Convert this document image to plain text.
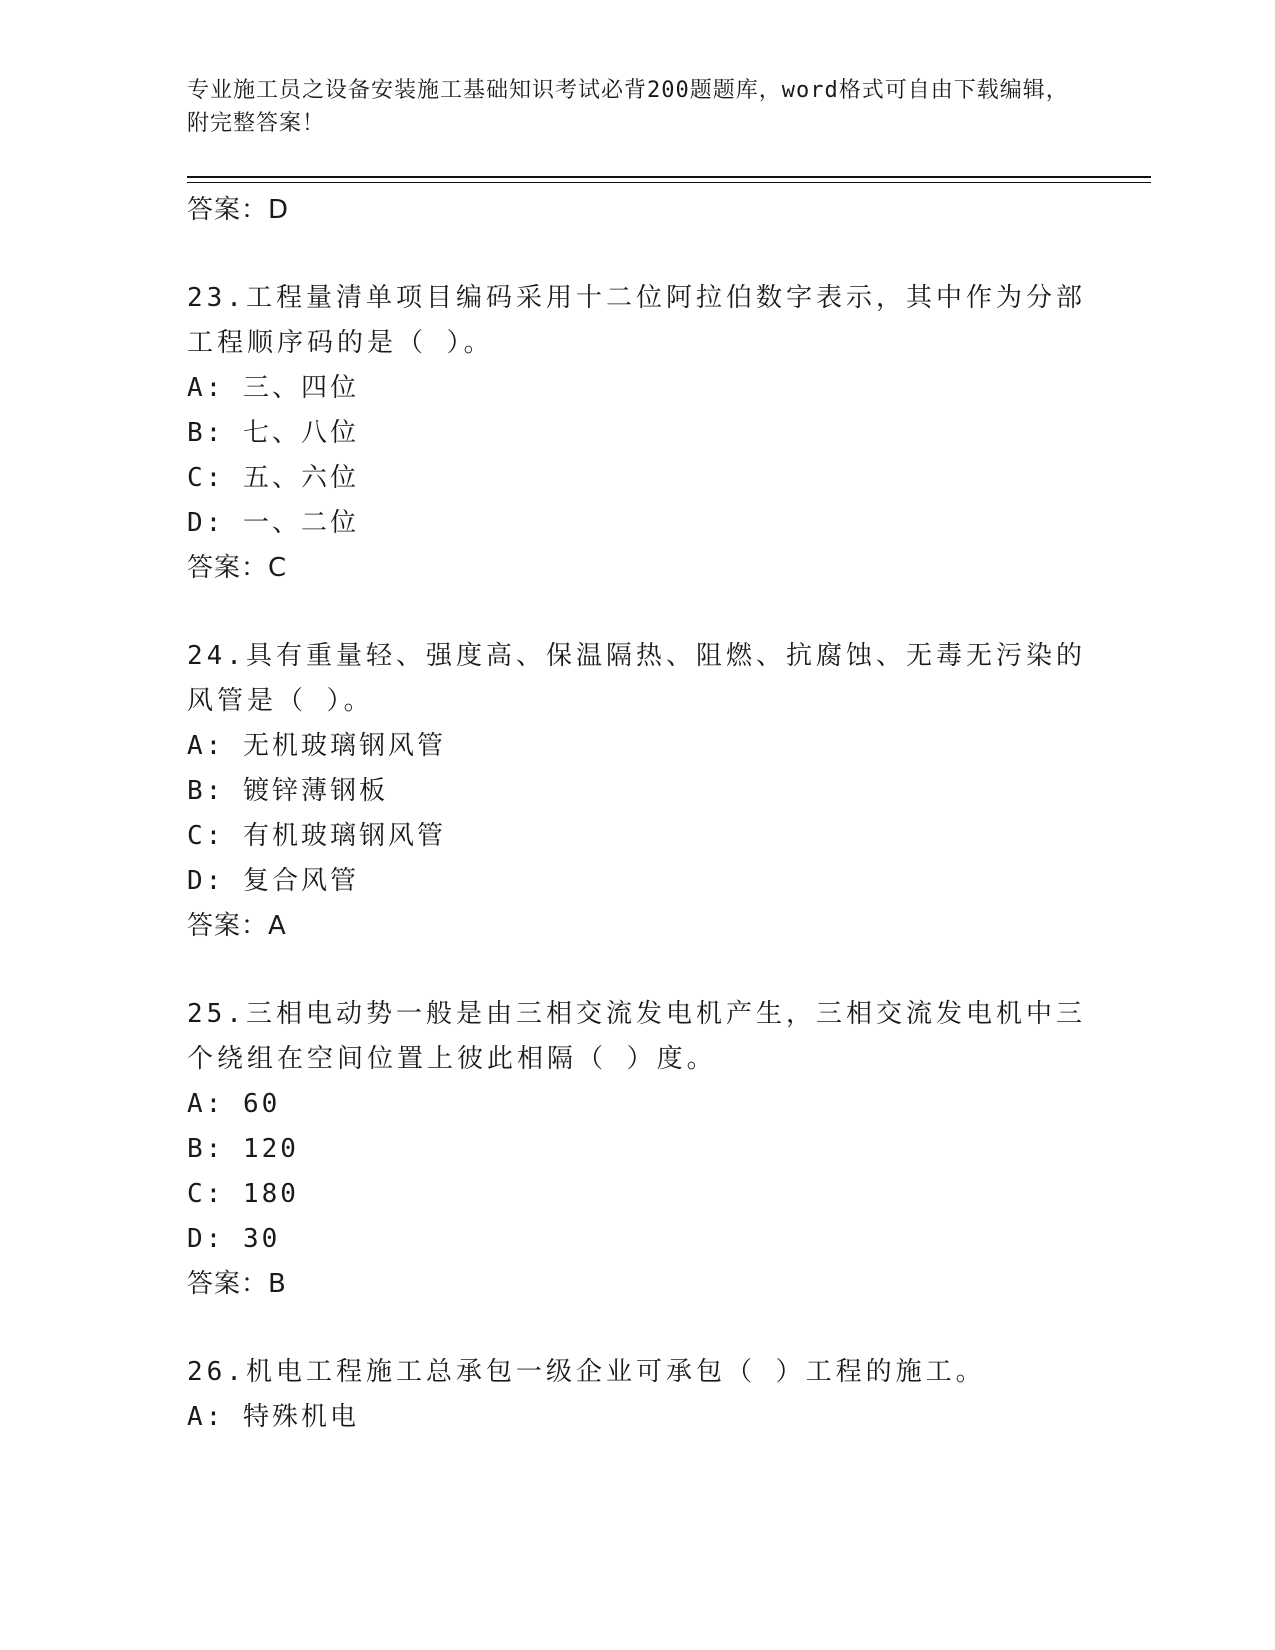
专业施工员之设备安装施工基础知识考试必背200题题库，word格式可自由下载编辑，附完整答案！

答案：D

23.工程量清单项目编码采用十二位阿拉伯数字表示，其中作为分部工程顺序码的是（ ）。

A: 三、四位

B: 七、八位

C: 五、六位

D: 一、二位

答案：C

24.具有重量轻、强度高、保温隔热、阻燃、抗腐蚀、无毒无污染的风管是（ ）。

A: 无机玻璃钢风管

B: 镀锌薄钢板

C: 有机玻璃钢风管

D: 复合风管

答案：A

25.三相电动势一般是由三相交流发电机产生，三相交流发电机中三个绕组在空间位置上彼此相隔（ ）度。

A: 60

B: 120

C: 180

D: 30

答案：B

26.机电工程施工总承包一级企业可承包（ ）工程的施工。

A: 特殊机电
